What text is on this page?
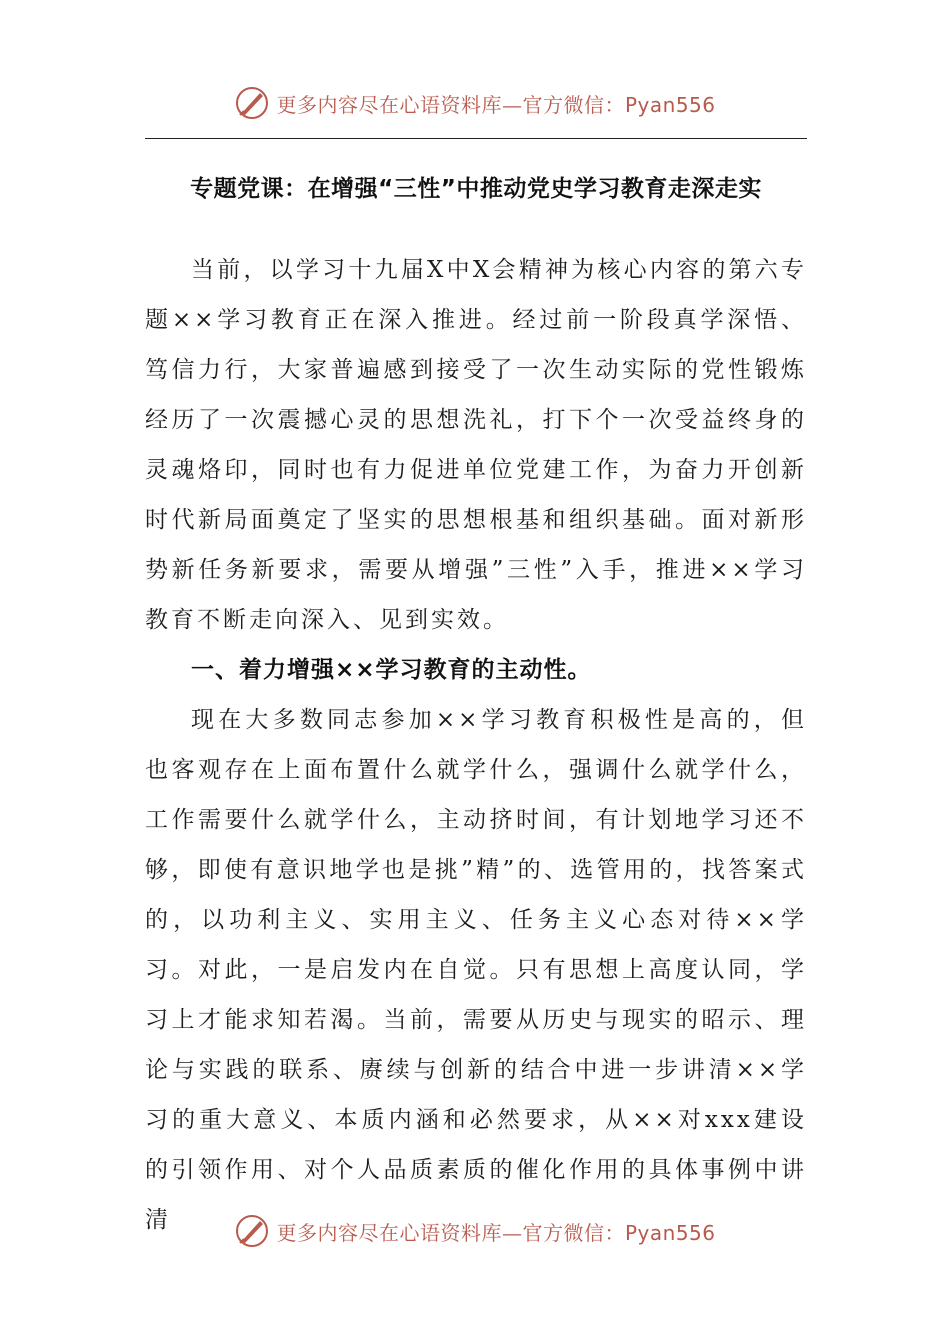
更多内容尽在心语资料库—官方微信：Pyan556
专题党课：在增强“三性”中推动党史学习教育走深走实

当前，以学习十九届X中X会精神为核心内容的第六专题××学习教育正在深入推进。经过前一阶段真学深悟、笃信力行，大家普遍感到接受了一次生动实际的党性锻炼经历了一次震撼心灵的思想洗礼，打下个一次受益终身的灵魂烙印，同时也有力促进单位党建工作，为奋力开创新时代新局面奠定了坚实的思想根基和组织基础。面对新形势新任务新要求，需要从增强”三性”入手，推进××学习教育不断走向深入、见到实效。

一、着力增强××学习教育的主动性。

现在大多数同志参加××学习教育积极性是高的，但也客观存在上面布置什么就学什么，强调什么就学什么，工作需要什么就学什么，主动挤时间，有计划地学习还不够，即使有意识地学也是挑”精”的、选管用的，找答案式的，以功利主义、实用主义、任务主义心态对待××学习。对此，一是启发内在自觉。只有思想上高度认同，学习上才能求知若渴。当前，需要从历史与现实的昭示、理论与实践的联系、赓续与创新的结合中进一步讲清××学习的重大意义、本质内涵和必然要求，从××对xxx建设的引领作用、对个人品质素质的催化作用的具体事例中讲清	更多内容尽在心语资料库—官方微信：Pyan556
